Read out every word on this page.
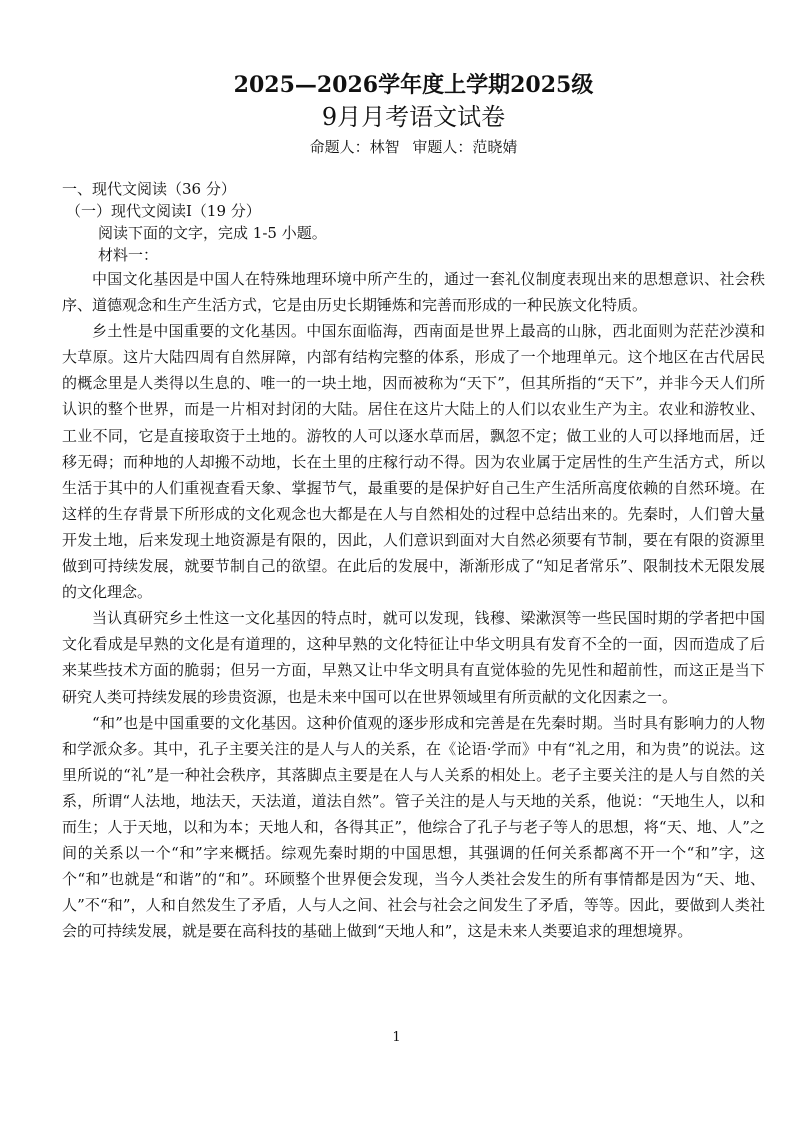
2025—2026学年度上学期2025级

9月月考语文试卷

命题人：林智 审题人：范晓婧

一、现代文阅读（36 分）

（一）现代文阅读Ⅰ（19 分）

阅读下面的文字，完成 1-5 小题。

材料一：

中国文化基因是中国人在特殊地理环境中所产生的，通过一套礼仪制度表现出来的思想意识、社会秩序、道德观念和生产生活方式，它是由历史长期锤炼和完善而形成的一种民族文化特质。

乡土性是中国重要的文化基因。中国东面临海，西南面是世界上最高的山脉，西北面则为茫茫沙漠和大草原。这片大陆四周有自然屏障，内部有结构完整的体系，形成了一个地理单元。这个地区在古代居民的概念里是人类得以生息的、唯一的一块土地，因而被称为“天下”，但其所指的“天下”，并非今天人们所认识的整个世界，而是一片相对封闭的大陆。居住在这片大陆上的人们以农业生产为主。农业和游牧业、工业不同，它是直接取资于土地的。游牧的人可以逐水草而居，飘忽不定；做工业的人可以择地而居，迁移无碍；而种地的人却搬不动地，长在土里的庄稼行动不得。因为农业属于定居性的生产生活方式，所以生活于其中的人们重视查看天象、掌握节气，最重要的是保护好自己生产生活所高度依赖的自然环境。在这样的生存背景下所形成的文化观念也大都是在人与自然相处的过程中总结出来的。先秦时，人们曾大量开发土地，后来发现土地资源是有限的，因此，人们意识到面对大自然必须要有节制，要在有限的资源里做到可持续发展，就要节制自己的欲望。在此后的发展中，渐渐形成了“知足者常乐”、限制技术无限发展的文化理念。

当认真研究乡土性这一文化基因的特点时，就可以发现，钱穆、梁漱溟等一些民国时期的学者把中国文化看成是早熟的文化是有道理的，这种早熟的文化特征让中华文明具有发育不全的一面，因而造成了后来某些技术方面的脆弱；但另一方面，早熟又让中华文明具有直觉体验的先见性和超前性，而这正是当下研究人类可持续发展的珍贵资源，也是未来中国可以在世界领域里有所贡献的文化因素之一。

“和”也是中国重要的文化基因。这种价值观的逐步形成和完善是在先秦时期。当时具有影响力的人物和学派众多。其中，孔子主要关注的是人与人的关系，在《论语·学而》中有“礼之用，和为贵”的说法。这里所说的“礼”是一种社会秩序，其落脚点主要是在人与人关系的相处上。老子主要关注的是人与自然的关系，所谓“人法地，地法天，天法道，道法自然”。管子关注的是人与天地的关系，他说：“天地生人，以和而生；人于天地，以和为本；天地人和，各得其正”，他综合了孔子与老子等人的思想，将“天、地、人”之间的关系以一个“和”字来概括。综观先秦时期的中国思想，其强调的任何关系都离不开一个“和”字，这个“和”也就是“和谐”的“和”。环顾整个世界便会发现，当今人类社会发生的所有事情都是因为“天、地、人”不“和”，人和自然发生了矛盾，人与人之间、社会与社会之间发生了矛盾，等等。因此，要做到人类社会的可持续发展，就是要在高科技的基础上做到“天地人和”，这是未来人类要追求的理想境界。

1
